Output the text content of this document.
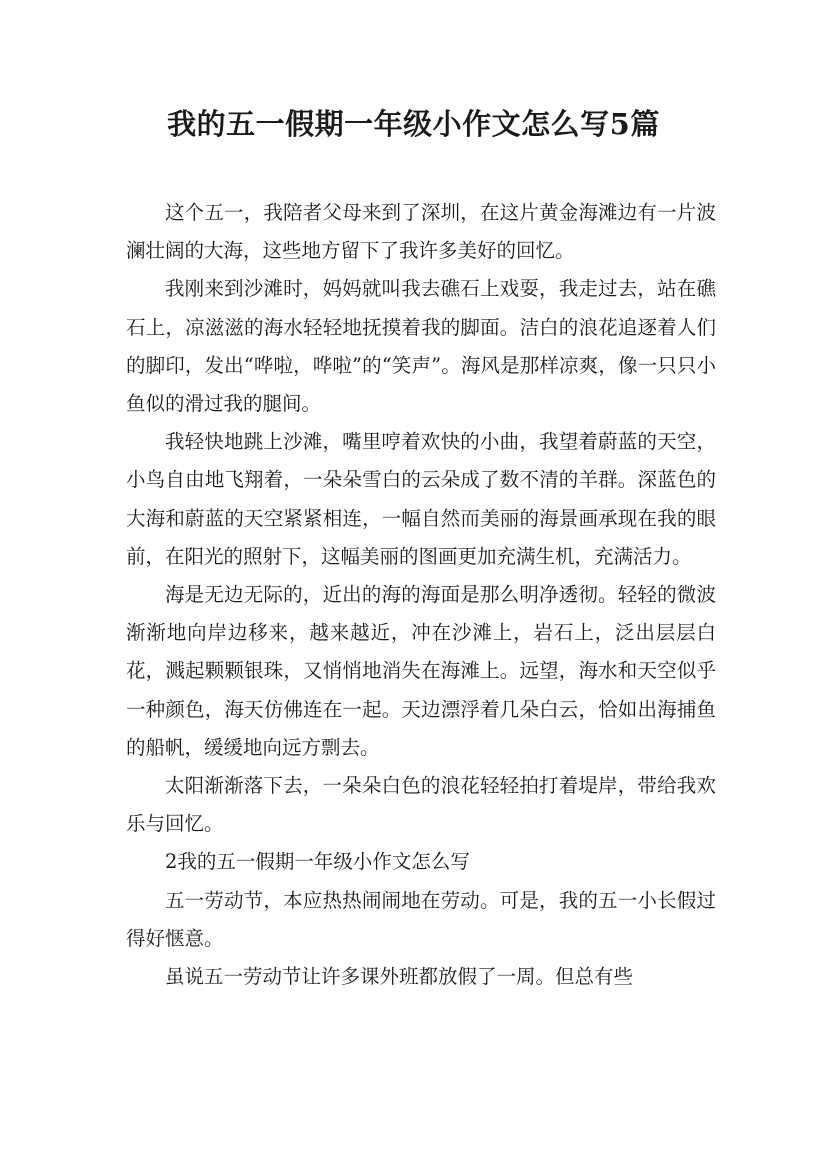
我的五一假期一年级小作文怎么写5篇

这个五一，我陪者父母来到了深圳，在这片黄金海滩边有一片波澜壮阔的大海，这些地方留下了我许多美好的回忆。

我刚来到沙滩时，妈妈就叫我去礁石上戏耍，我走过去，站在礁石上，凉滋滋的海水轻轻地抚摸着我的脚面。洁白的浪花追逐着人们的脚印，发出“哗啦，哗啦”的“笑声”。海风是那样凉爽，像一只只小鱼似的滑过我的腿间。

我轻快地跳上沙滩，嘴里哼着欢快的小曲，我望着蔚蓝的天空，小鸟自由地飞翔着，一朵朵雪白的云朵成了数不清的羊群。深蓝色的大海和蔚蓝的天空紧紧相连，一幅自然而美丽的海景画承现在我的眼前，在阳光的照射下，这幅美丽的图画更加充满生机，充满活力。

海是无边无际的，近出的海的海面是那么明净透彻。轻轻的微波渐渐地向岸边移来，越来越近，冲在沙滩上，岩石上，泛出层层白花，溅起颗颗银珠，又悄悄地消失在海滩上。远望，海水和天空似乎一种颜色，海天仿佛连在一起。天边漂浮着几朵白云，恰如出海捕鱼的船帆，缓缓地向远方剽去。

太阳渐渐落下去，一朵朵白色的浪花轻轻拍打着堤岸，带给我欢乐与回忆。

2我的五一假期一年级小作文怎么写

五一劳动节，本应热热闹闹地在劳动。可是，我的五一小长假过得好惬意。

虽说五一劳动节让许多课外班都放假了一周。但总有些
